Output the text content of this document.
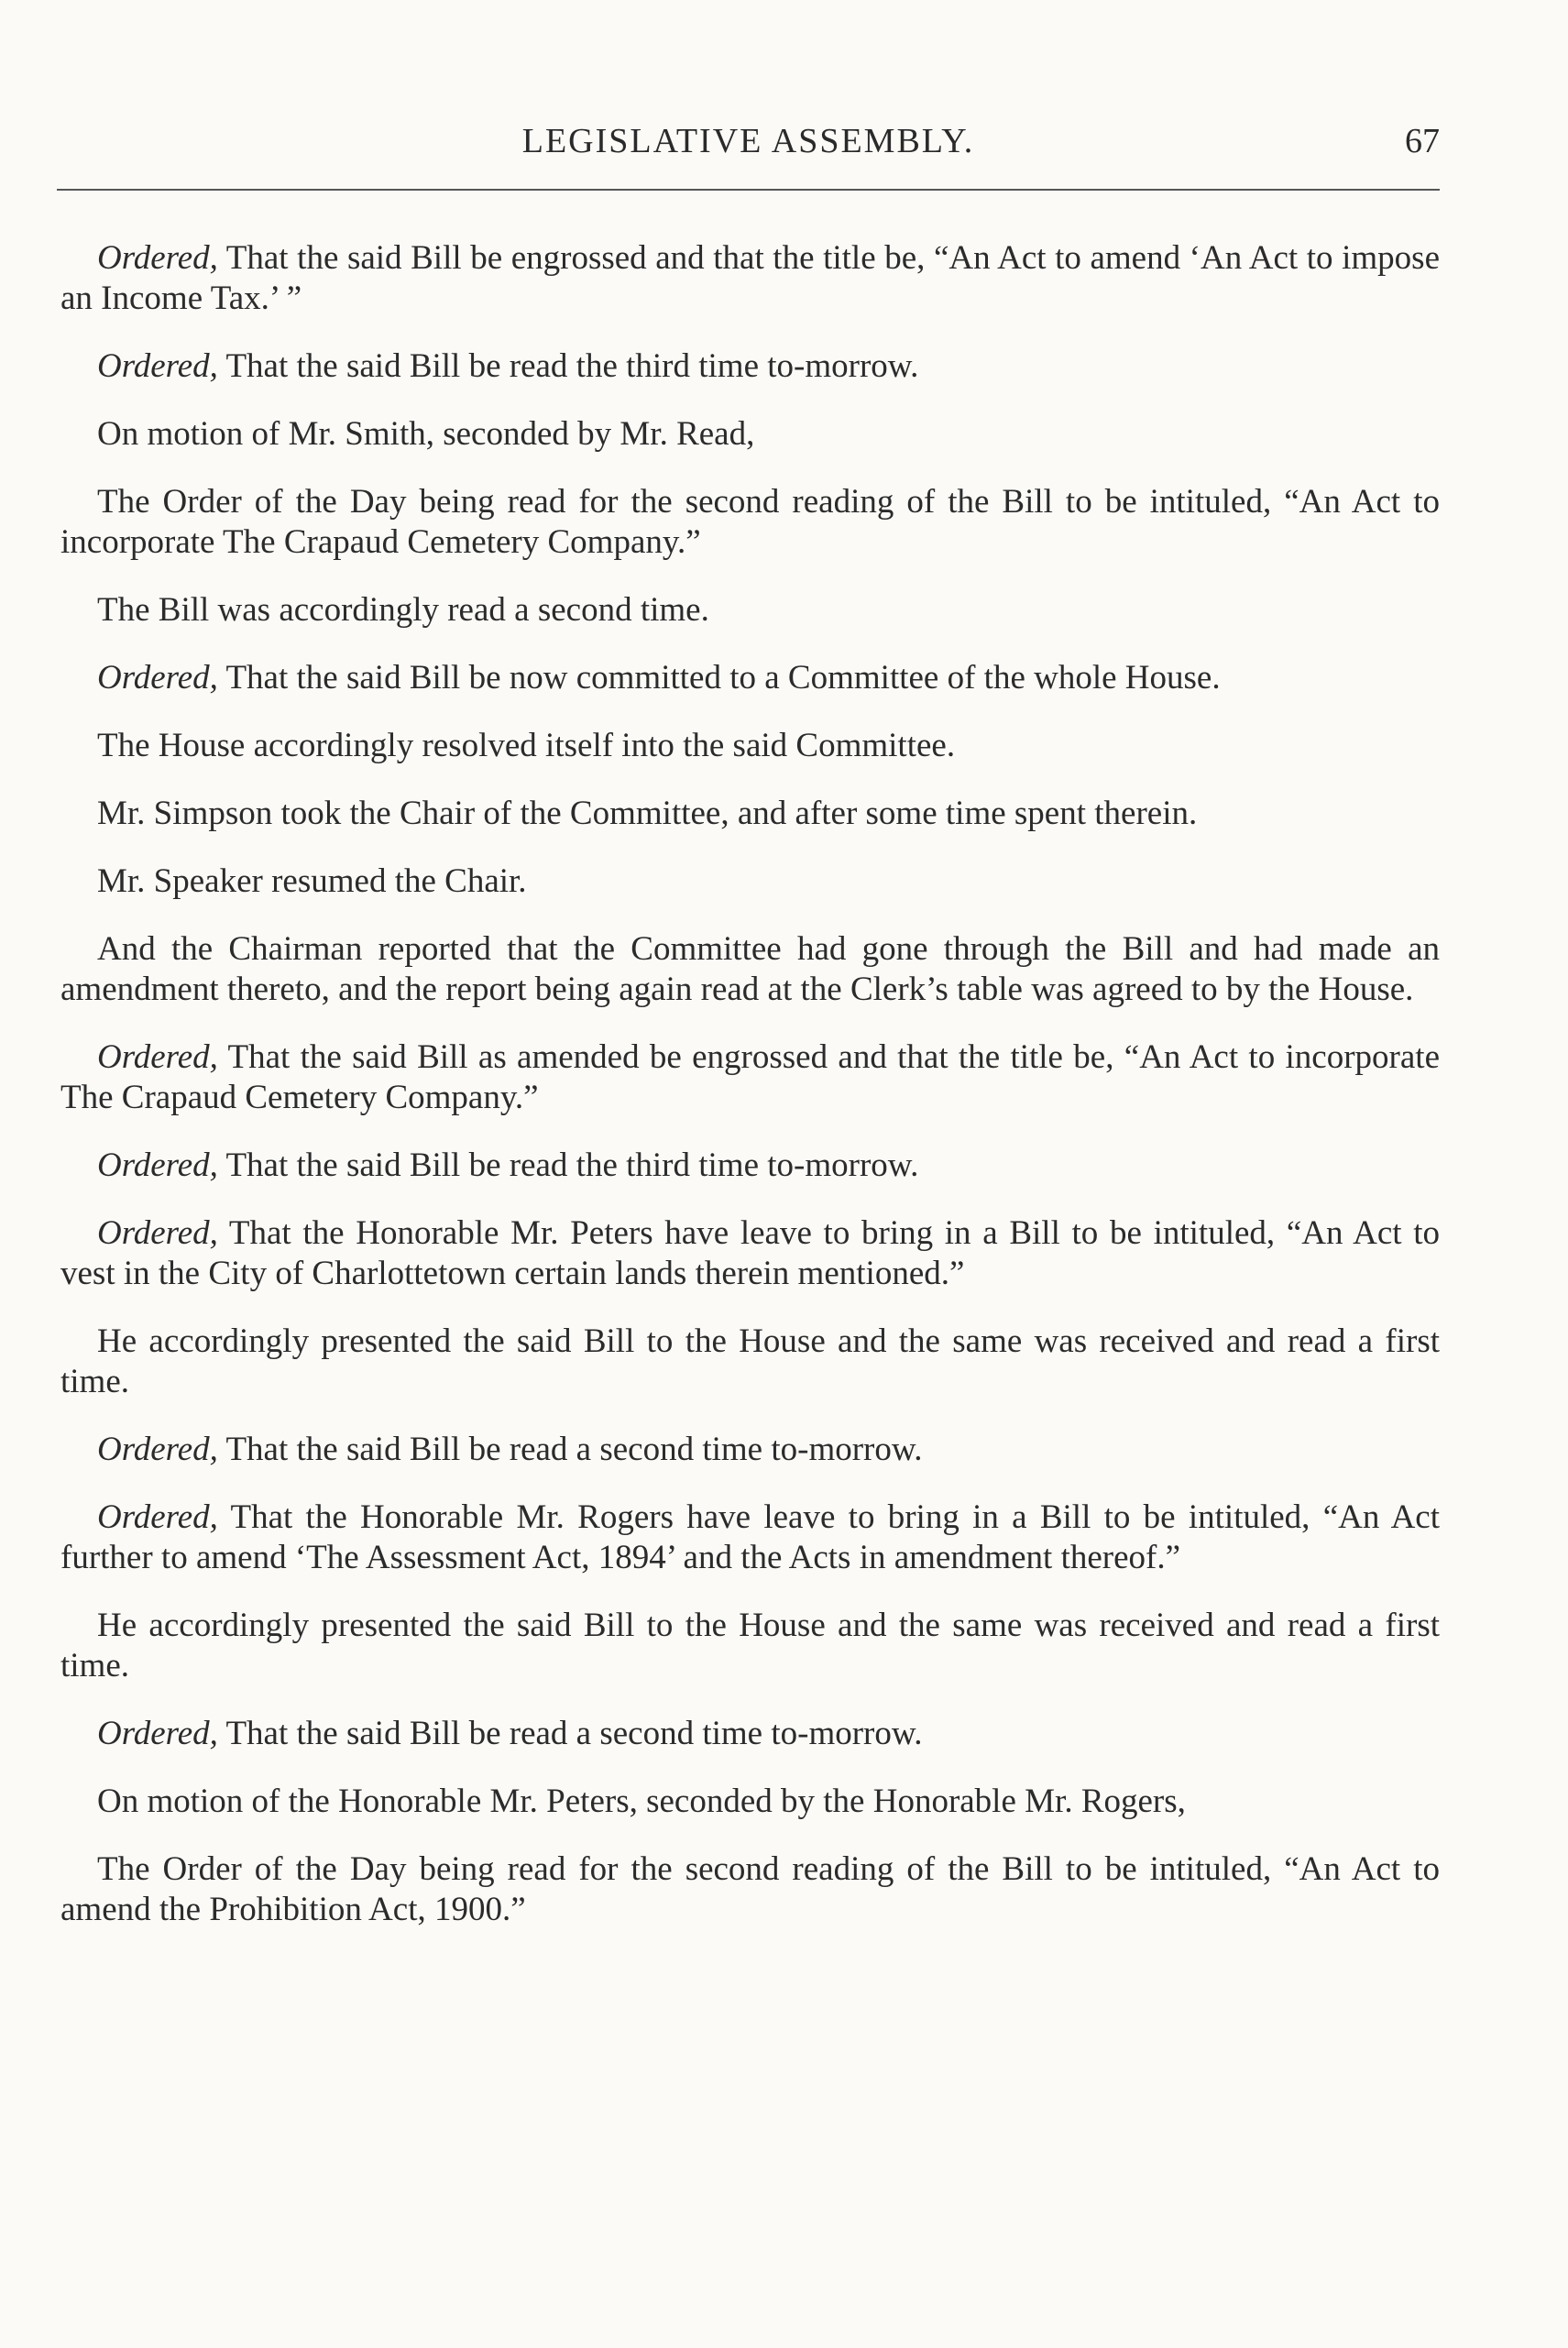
LEGISLATIVE ASSEMBLY.	67

Ordered, That the said Bill be engrossed and that the title be, “An Act to amend ‘An Act to impose an Income Tax.’ ”

Ordered, That the said Bill be read the third time to-morrow.

On motion of Mr. Smith, seconded by Mr. Read,

The Order of the Day being read for the second reading of the Bill to be intituled, “An Act to incorporate The Crapaud Cemetery Company.”

The Bill was accordingly read a second time.

Ordered, That the said Bill be now committed to a Committee of the whole House.

The House accordingly resolved itself into the said Committee.

Mr. Simpson took the Chair of the Committee, and after some time spent therein.

Mr. Speaker resumed the Chair.

And the Chairman reported that the Committee had gone through the Bill and had made an amendment thereto, and the report being again read at the Clerk’s table was agreed to by the House.

Ordered, That the said Bill as amended be engrossed and that the title be, “An Act to incorporate The Crapaud Cemetery Company.”

Ordered, That the said Bill be read the third time to-morrow.

Ordered, That the Honorable Mr. Peters have leave to bring in a Bill to be intituled, “An Act to vest in the City of Charlottetown certain lands therein mentioned.”

He accordingly presented the said Bill to the House and the same was received and read a first time.

Ordered, That the said Bill be read a second time to-morrow.

Ordered, That the Honorable Mr. Rogers have leave to bring in a Bill to be intituled, “An Act further to amend ‘The Assessment Act, 1894’ and the Acts in amendment thereof.”

He accordingly presented the said Bill to the House and the same was received and read a first time.

Ordered, That the said Bill be read a second time to-morrow.

On motion of the Honorable Mr. Peters, seconded by the Honorable Mr. Rogers,

The Order of the Day being read for the second reading of the Bill to be intituled, “An Act to amend the Prohibition Act, 1900.”
